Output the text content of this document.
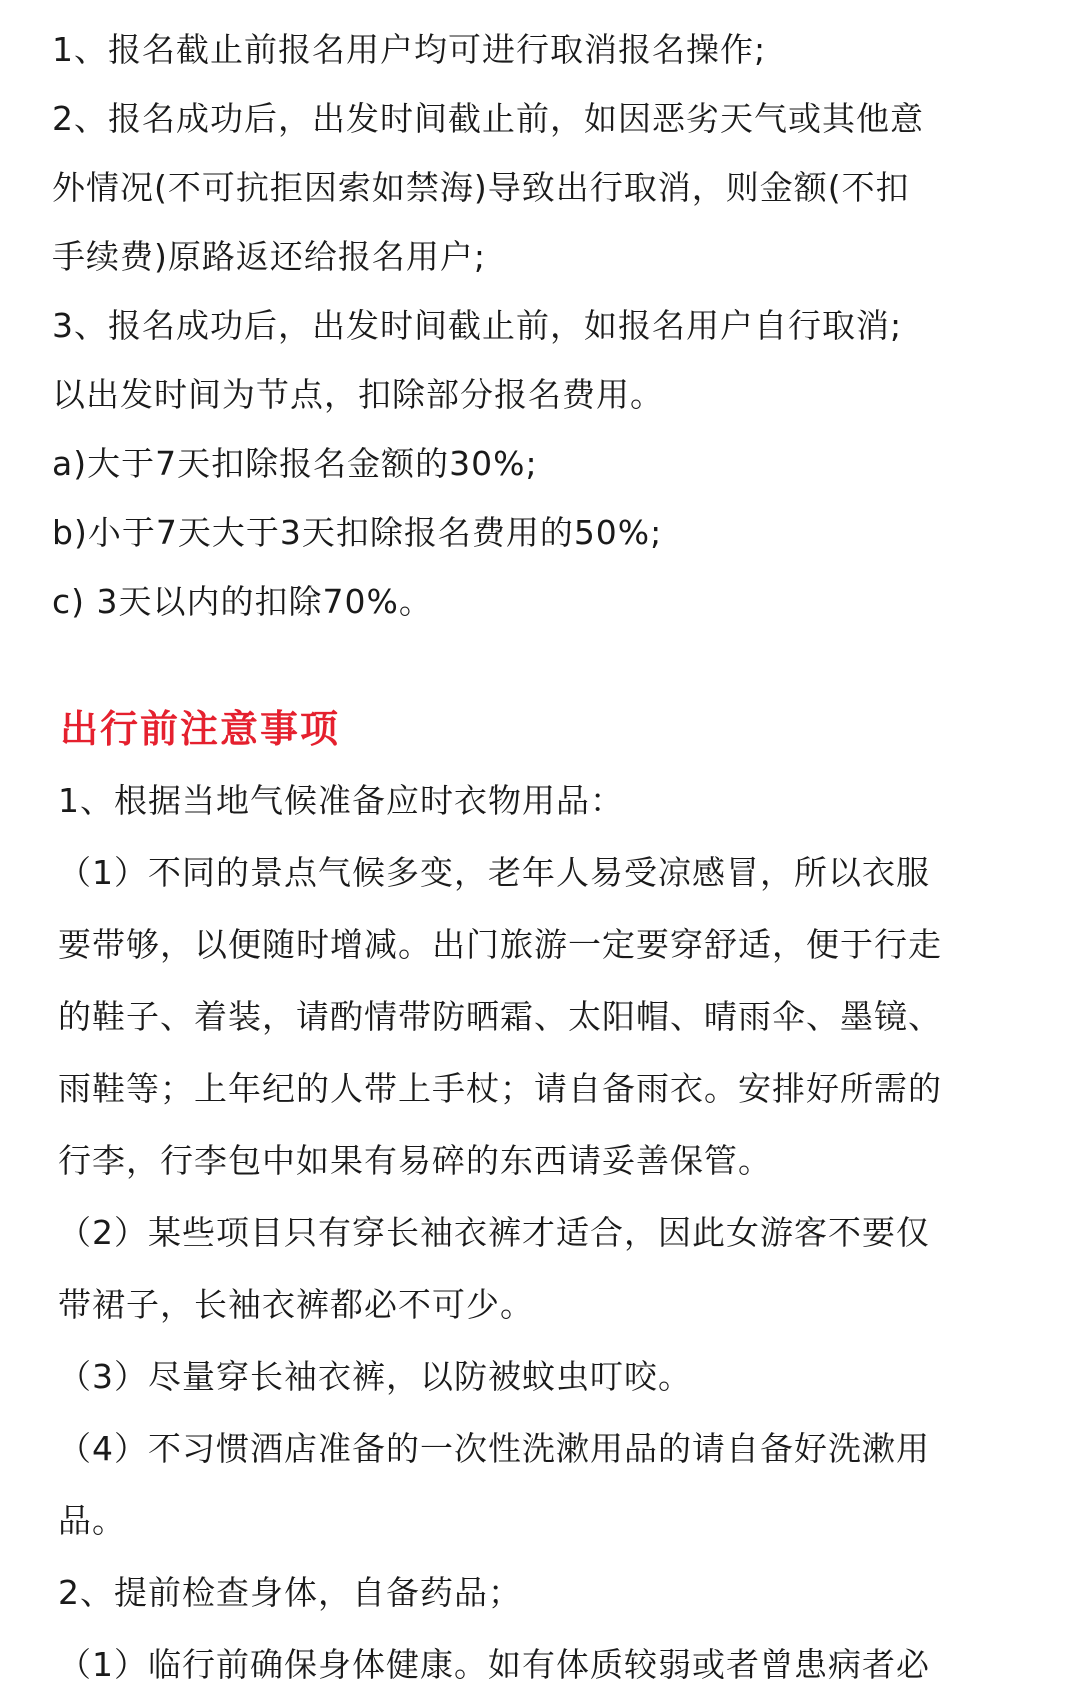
1、报名截止前报名用户均可进行取消报名操作;
2、报名成功后，出发时间截止前，如因恶劣天气或其他意
外情况(不可抗拒因索如禁海)导致出行取消，则金额(不扣
手续费)原路返还给报名用户;
3、报名成功后，出发时间截止前，如报名用户自行取消;
以出发时间为节点，扣除部分报名费用。
a)大于7天扣除报名金额的30%;
b)小于7天大于3天扣除报名费用的50%;
c) 3天以内的扣除70%。
出行前注意事项
1、根据当地气候准备应时衣物用品：
（1）不同的景点气候多变，老年人易受凉感冒，所以衣服
要带够，以便随时增减。出门旅游一定要穿舒适，便于行走
的鞋子、着装，请酌情带防晒霜、太阳帽、晴雨伞、墨镜、
雨鞋等；上年纪的人带上手杖；请自备雨衣。安排好所需的
行李，行李包中如果有易碎的东西请妥善保管。
（2）某些项目只有穿长袖衣裤才适合，因此女游客不要仅
带裙子，长袖衣裤都必不可少。
（3）尽量穿长袖衣裤，以防被蚊虫叮咬。
（4）不习惯酒店准备的一次性洗漱用品的请自备好洗漱用
品。
2、提前检查身体，自备药品；
（1）临行前确保身体健康。如有体质较弱或者曾患病者必
